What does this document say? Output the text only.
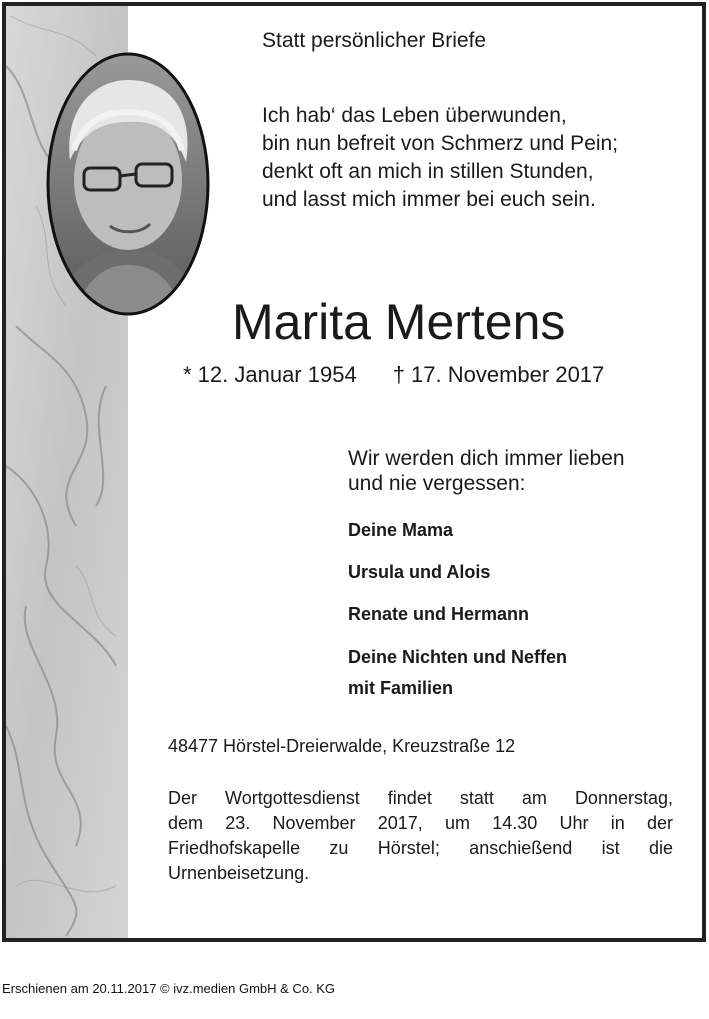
Statt persönlicher Briefe
Ich hab‘ das Leben überwunden,
bin nun befreit von Schmerz und Pein;
denkt oft an mich in stillen Stunden,
und lasst mich immer bei euch sein.
Marita Mertens
* 12. Januar 1954 † 17. November 2017
Wir werden dich immer lieben
und nie vergessen:
Deine Mama
Ursula und Alois
Renate und Hermann
Deine Nichten und Neffen
mit Familien
48477 Hörstel-Dreierwalde, Kreuzstraße 12
Der Wortgottesdienst findet statt am Donnerstag,
dem 23. November 2017, um 14.30 Uhr in der
Friedhofskapelle zu Hörstel; anschießend ist die
Urnenbeisetzung.
Erschienen am 20.11.2017 © ivz.medien GmbH & Co. KG
